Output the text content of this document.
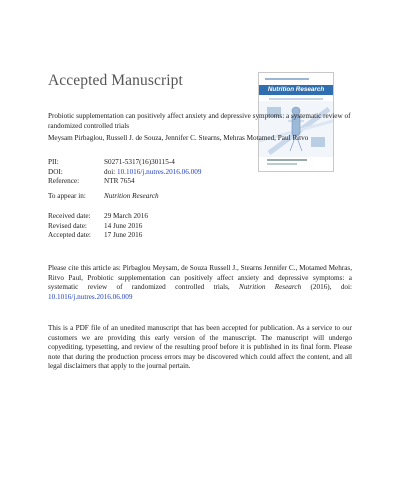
Accepted Manuscript
Nutrition Research
Probiotic supplementation can positively affect anxiety and depressive symptoms: a systematic review of randomized controlled trials
Meysam Pirbaglou, Russell J. de Souza, Jennifer C. Stearns, Mehras Motamed, Paul Ritvo
PII:	S0271-5317(16)30115-4
DOI:	doi: 10.1016/j.nutres.2016.06.009
Reference:	NTR 7654
To appear in:	Nutrition Research
Received date:	29 March 2016
Revised date:	14 June 2016
Accepted date:	17 June 2016
Please cite this article as: Pirbaglou Meysam, de Souza Russell J., Stearns Jennifer C., Motamed Mehras, Ritvo Paul, Probiotic supplementation can positively affect anxiety and depressive symptoms: a systematic review of randomized controlled trials, Nutrition Research (2016), doi: 10.1016/j.nutres.2016.06.009
This is a PDF file of an unedited manuscript that has been accepted for publication. As a service to our customers we are providing this early version of the manuscript. The manuscript will undergo copyediting, typesetting, and review of the resulting proof before it is published in its final form. Please note that during the production process errors may be discovered which could affect the content, and all legal disclaimers that apply to the journal pertain.
